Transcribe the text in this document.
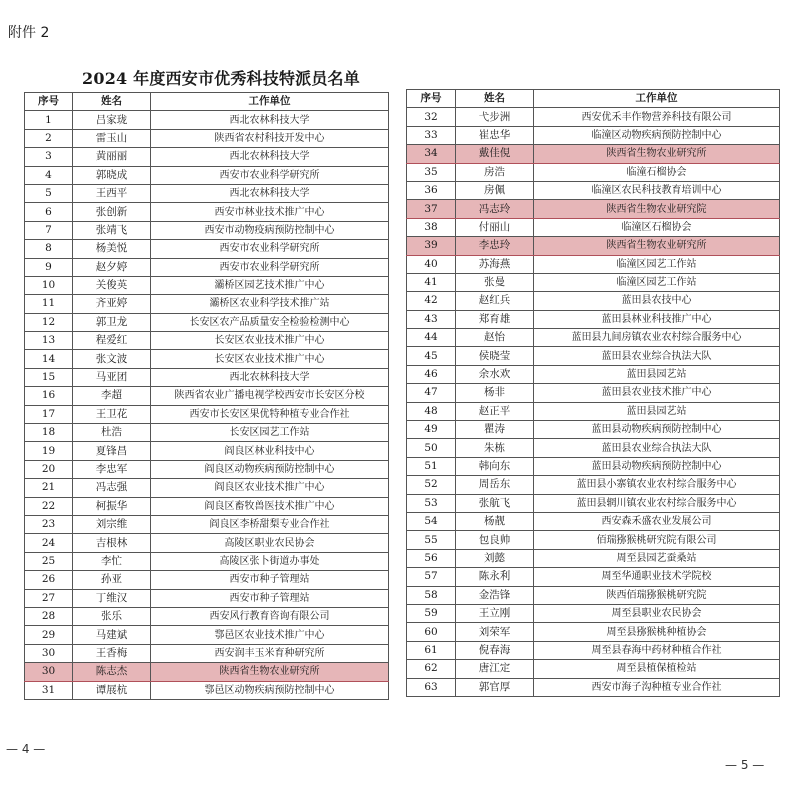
附件 2
2024 年度西安市优秀科技特派员名单
序号	姓名	工作单位
1	吕家珑	西北农林科技大学
2	雷玉山	陕西省农村科技开发中心
3	黄丽丽	西北农林科技大学
4	郭晓成	西安市农业科学研究所
5	王西平	西北农林科技大学
6	张创新	西安市林业技术推广中心
7	张靖飞	西安市动物疫病预防控制中心
8	杨美悦	西安市农业科学研究所
9	赵夕婷	西安市农业科学研究所
10	关俊英	灞桥区园艺技术推广中心
11	齐亚婷	灞桥区农业科学技术推广站
12	郭卫龙	长安区农产品质量安全检验检测中心
13	程爱红	长安区农业技术推广中心
14	张文波	长安区农业技术推广中心
15	马亚团	西北农林科技大学
16	李超	陕西省农业广播电视学校西安市长安区分校
17	王卫花	西安市长安区果优特种植专业合作社
18	杜浩	长安区园艺工作站
19	夏锋昌	阎良区林业科技中心
20	李忠军	阎良区动物疾病预防控制中心
21	冯志强	阎良区农业技术推广中心
22	柯振华	阎良区畜牧兽医技术推广中心
23	刘宗维	阎良区李桥甜梨专业合作社
24	吉根林	高陵区职业农民协会
25	李忙	高陵区张卜街道办事处
26	孙亚	西安市种子管理站
27	丁维汉	西安市种子管理站
28	张乐	西安风行教育咨询有限公司
29	马建斌	鄠邑区农业技术推广中心
30	王香梅	西安润丰玉米育种研究所
30	陈志杰	陕西省生物农业研究所
31	谭展杭	鄠邑区动物疾病预防控制中心
序号	姓名	工作单位
32	弋步洲	西安优禾丰作物营养科技有限公司
33	崔忠华	临潼区动物疾病预防控制中心
34	戴佳俔	陕西省生物农业研究所
35	房浩	临潼石榴协会
36	房佩	临潼区农民科技教育培训中心
37	冯志玲	陕西省生物农业研究院
38	付丽山	临潼区石榴协会
39	李忠玲	陕西省生物农业研究所
40	苏海燕	临潼区园艺工作站
41	张曼	临潼区园艺工作站
42	赵红兵	蓝田县农技中心
43	郑育雄	蓝田县林业科技推广中心
44	赵怡	蓝田县九间房镇农业农村综合服务中心
45	侯晓莹	蓝田县农业综合执法大队
46	余水欢	蓝田县园艺站
47	杨非	蓝田县农业技术推广中心
48	赵正平	蓝田县园艺站
49	瞿涛	蓝田县动物疾病预防控制中心
50	朱栋	蓝田县农业综合执法大队
51	韩向东	蓝田县动物疾病预防控制中心
52	周岳东	蓝田县小寨镇农业农村综合服务中心
53	张航飞	蓝田县辋川镇农业农村综合服务中心
54	杨靓	西安森禾盛农业发展公司
55	包良帅	佰瑞猕猴桃研究院有限公司
56	刘懿	周至县园艺蚕桑站
57	陈永利	周至华通职业技术学院校
58	金浩锋	陕西佰瑞猕猴桃研究院
59	王立刚	周至县职业农民协会
60	刘荣军	周至县猕猴桃种植协会
61	倪春海	周至县春海中药材种植合作社
62	唐江定	周至县植保植检站
63	郭官厚	西安市海子沟种植专业合作社
— 4 —
— 5 —
